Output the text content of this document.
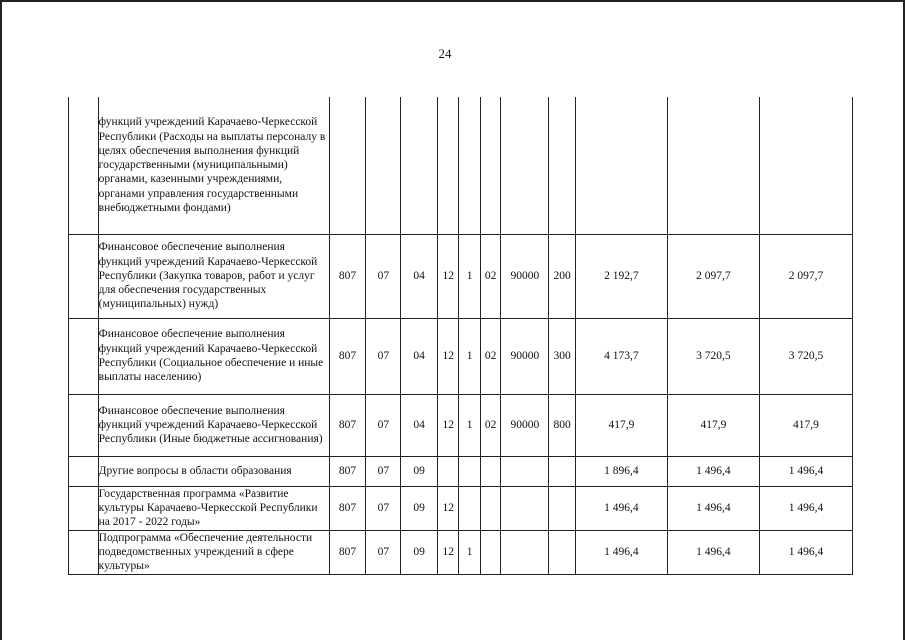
24
	функций учреждений Карачаево-Черкесской Республики (Расходы на выплаты персоналу в целях обеспечения выполнения функций государственными (муниципальными) органами, казенными учреждениями, органами управления государственными внебюджетными фондами)											
	Финансовое обеспечение выполнения функций учреждений Карачаево-Черкесской Республики (Закупка товаров, работ и услуг для обеспечения государственных (муниципальных) нужд)	807	07	04	12	1	02	90000	200	2 192,7	2 097,7	2 097,7
	Финансовое обеспечение выполнения функций учреждений Карачаево-Черкесской Республики (Социальное обеспечение и иные выплаты населению)	807	07	04	12	1	02	90000	300	4 173,7	3 720,5	3 720,5
	Финансовое обеспечение выполнения функций учреждений Карачаево-Черкесской Республики (Иные бюджетные ассигнования)	807	07	04	12	1	02	90000	800	417,9	417,9	417,9
	Другие вопросы в области образования	807	07	09						1 896,4	1 496,4	1 496,4
	Государственная программа «Развитие культуры Карачаево-Черкесской Республики на 2017 - 2022 годы»	807	07	09	12					1 496,4	1 496,4	1 496,4
	Подпрограмма «Обеспечение деятельности подведомственных учреждений в сфере культуры»	807	07	09	12	1				1 496,4	1 496,4	1 496,4
